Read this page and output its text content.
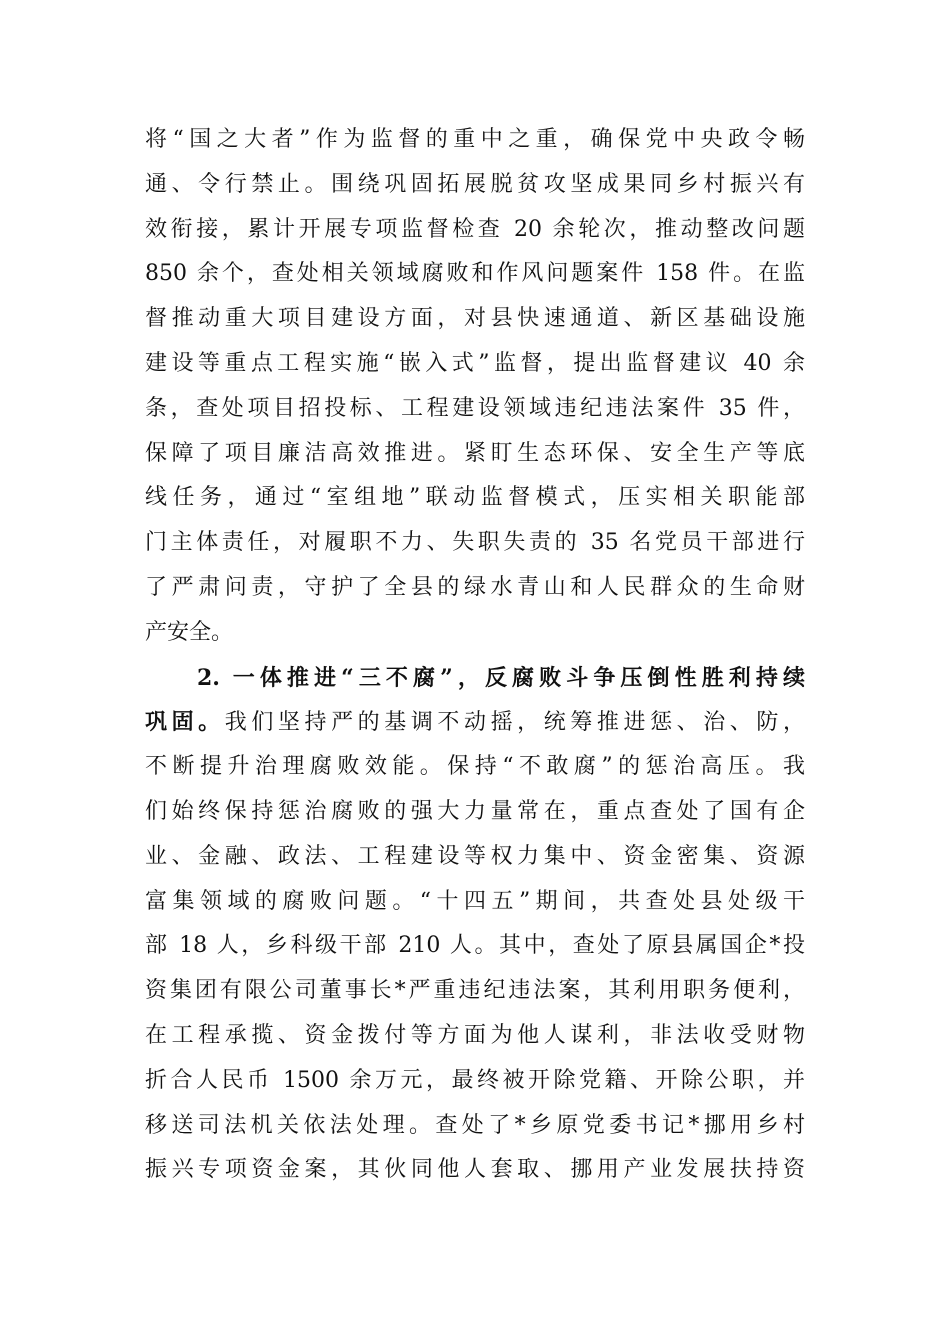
将“国之大者”作为监督的重中之重，确保党中央政令畅
通、令行禁止。围绕巩固拓展脱贫攻坚成果同乡村振兴有
效衔接，累计开展专项监督检查 20 余轮次，推动整改问题
850 余个，查处相关领域腐败和作风问题案件 158 件。在监
督推动重大项目建设方面，对县快速通道、新区基础设施
建设等重点工程实施“嵌入式”监督，提出监督建议 40 余
条，查处项目招投标、工程建设领域违纪违法案件 35 件，
保障了项目廉洁高效推进。紧盯生态环保、安全生产等底
线任务，通过“室组地”联动监督模式，压实相关职能部
门主体责任，对履职不力、失职失责的 35 名党员干部进行
了严肃问责，守护了全县的绿水青山和人民群众的生命财
产安全。
2. 一体推进“三不腐”，反腐败斗争压倒性胜利持续
巩固。我们坚持严的基调不动摇，统筹推进惩、治、防，
不断提升治理腐败效能。保持“不敢腐”的惩治高压。我
们始终保持惩治腐败的强大力量常在，重点查处了国有企
业、金融、政法、工程建设等权力集中、资金密集、资源
富集领域的腐败问题。“十四五”期间，共查处县处级干
部 18 人，乡科级干部 210 人。其中，查处了原县属国企*投
资集团有限公司董事长*严重违纪违法案，其利用职务便利，
在工程承揽、资金拨付等方面为他人谋利，非法收受财物
折合人民币 1500 余万元，最终被开除党籍、开除公职，并
移送司法机关依法处理。查处了*乡原党委书记*挪用乡村
振兴专项资金案，其伙同他人套取、挪用产业发展扶持资
